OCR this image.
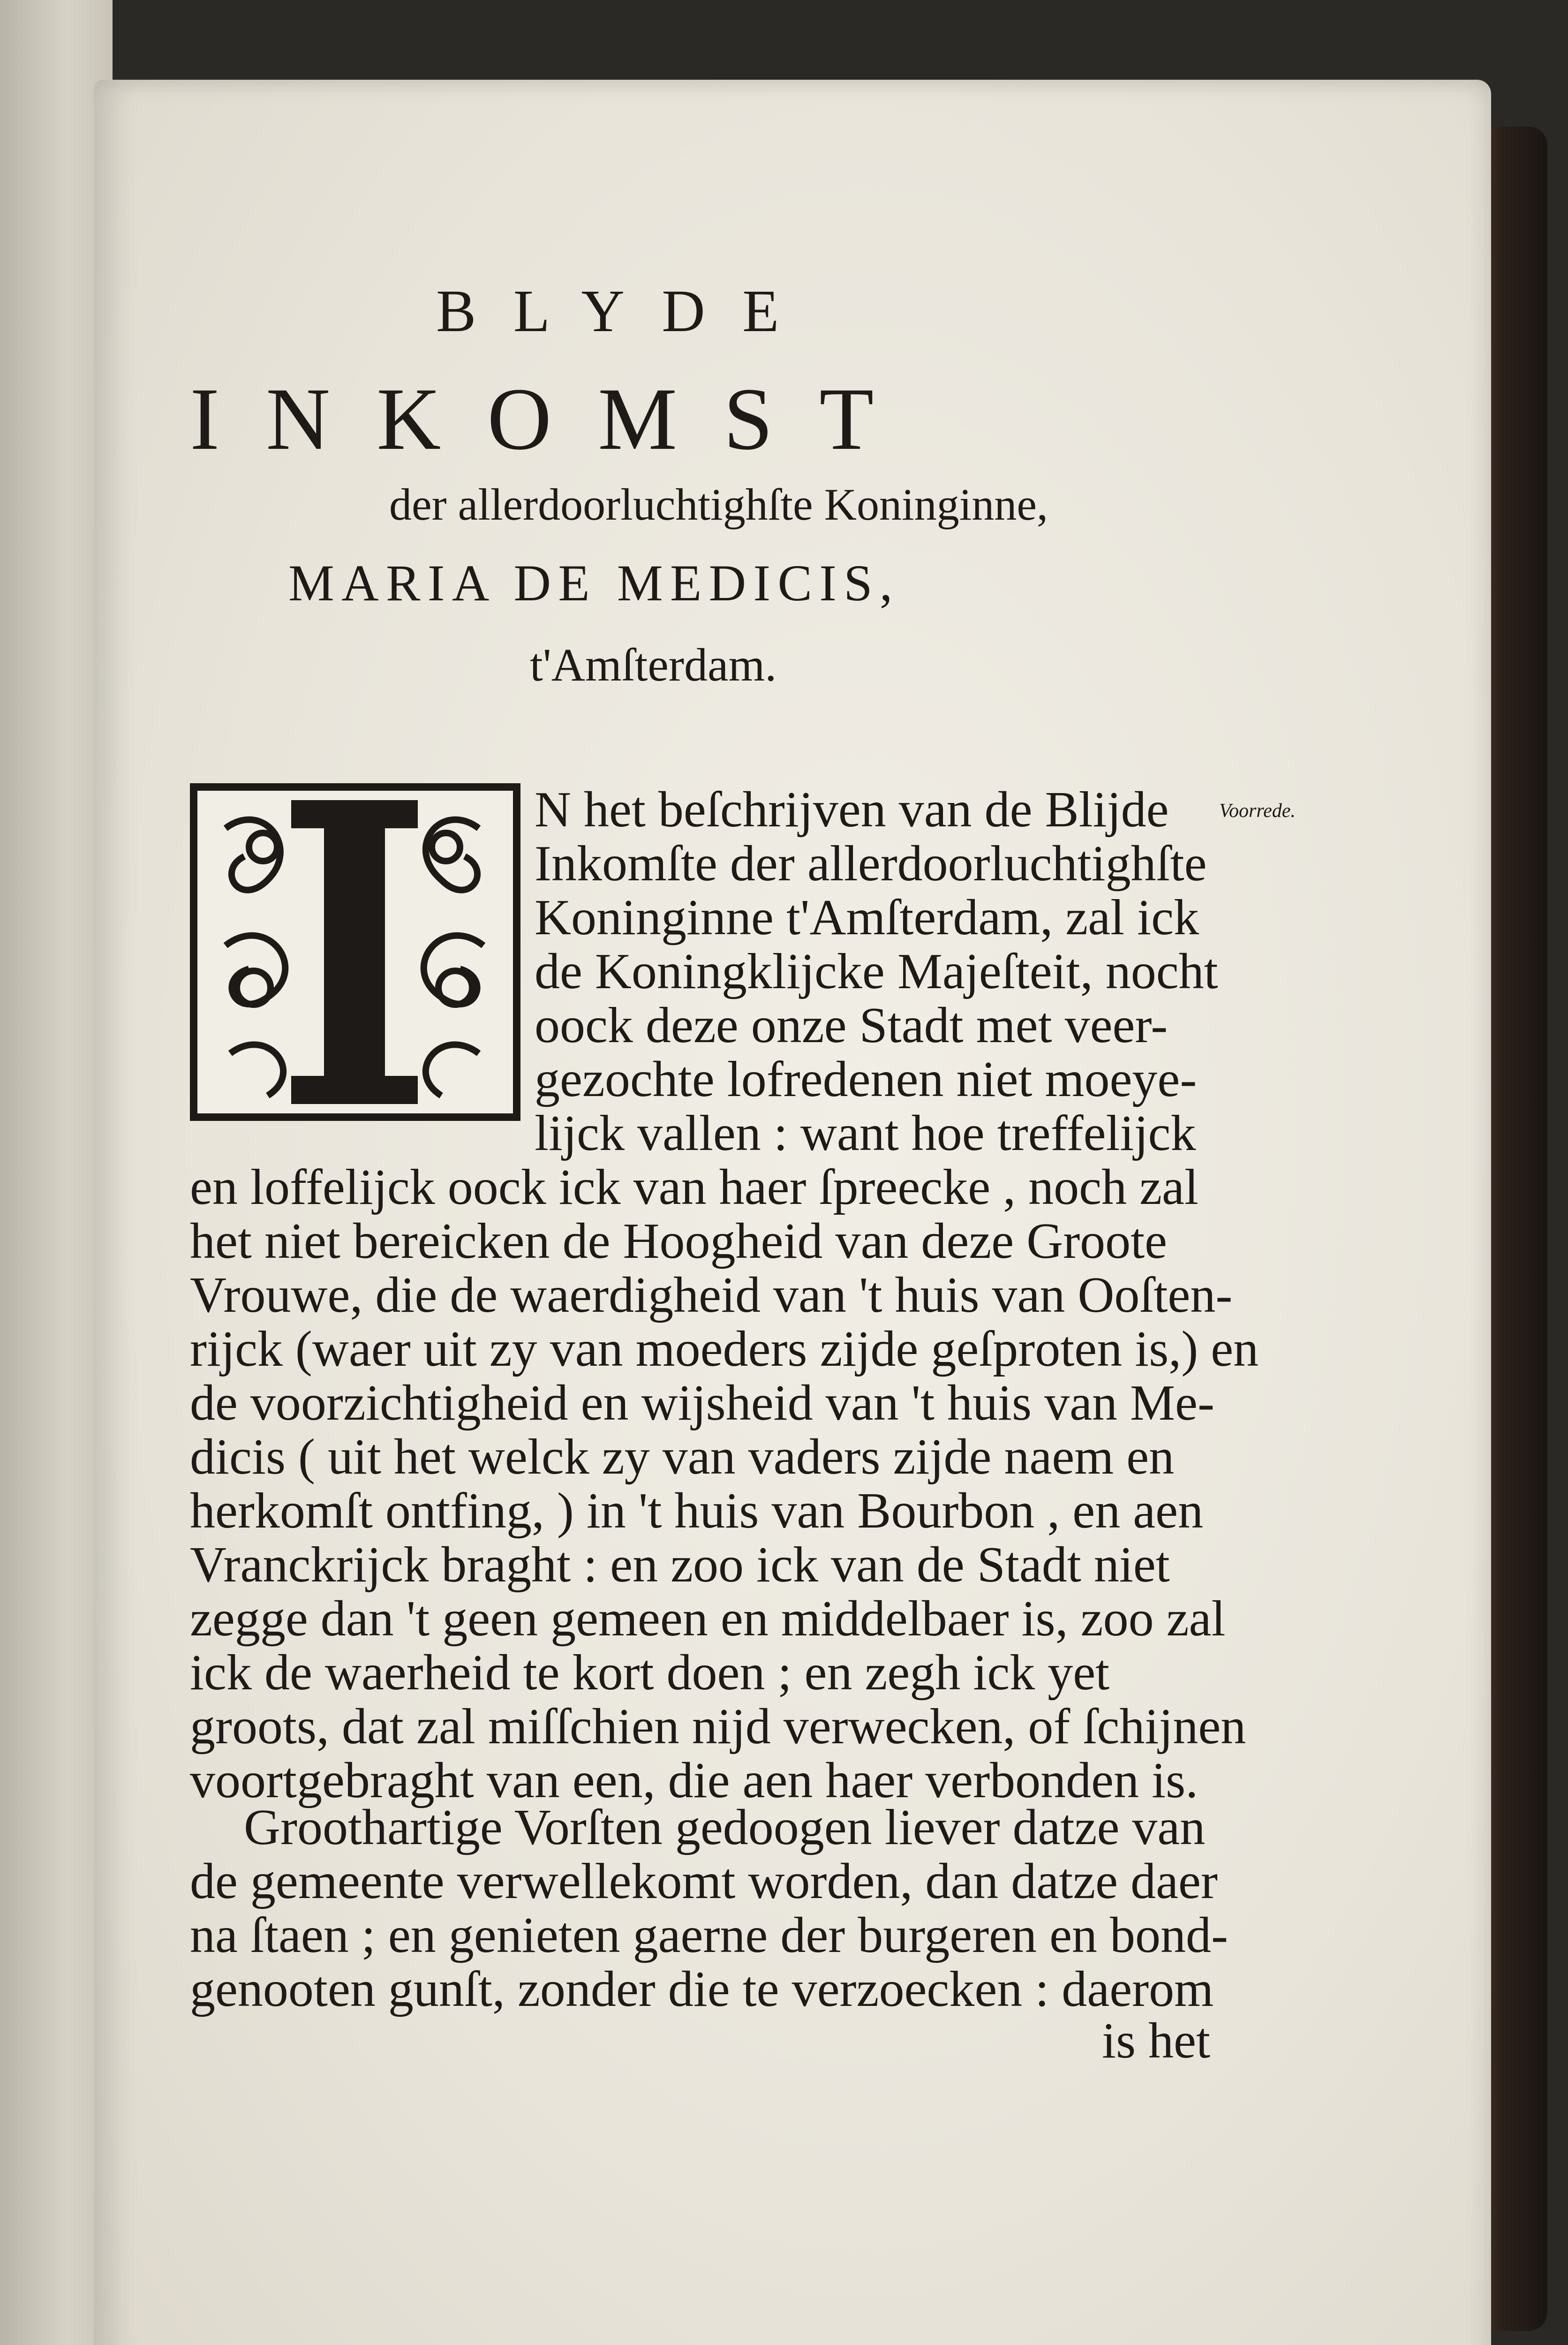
BLYDE
INKOMST
der allerdoorluchtighſte Koninginne,
MARIA DE MEDICIS,
t'Amſterdam.
Voorrede.
N het beſchrijven van de Blijde
Inkomſte der allerdoorluchtighſte
Koninginne t'Amſterdam, zal ick
de Koningklijcke Majeſteit, nocht
oock deze onze Stadt met veer-
gezochte lofredenen niet moeye-
lijck vallen : want hoe treffelijck
en loffelijck oock ick van haer ſpreecke , noch zal
het niet bereicken de Hoogheid van deze Groote
Vrouwe, die de waerdigheid van 't huis van Ooſten-
rijck (waer uit zy van moeders zijde geſproten is,) en
de voorzichtigheid en wijsheid van 't huis van Me-
dicis ( uit het welck zy van vaders zijde naem en
herkomſt ontfing, ) in 't huis van Bourbon , en aen
Vranckrijck braght : en zoo ick van de Stadt niet
zegge dan 't geen gemeen en middelbaer is, zoo zal
ick de waerheid te kort doen ; en zegh ick yet
groots, dat zal miſſchien nijd verwecken, of ſchijnen
voortgebraght van een, die aen haer verbonden is.
Groothartige Vorſten gedoogen liever datze van
de gemeente verwellekomt worden, dan datze daer
na ſtaen ; en genieten gaerne der burgeren en bond-
genooten gunſt, zonder die te verzoecken : daerom
is het
